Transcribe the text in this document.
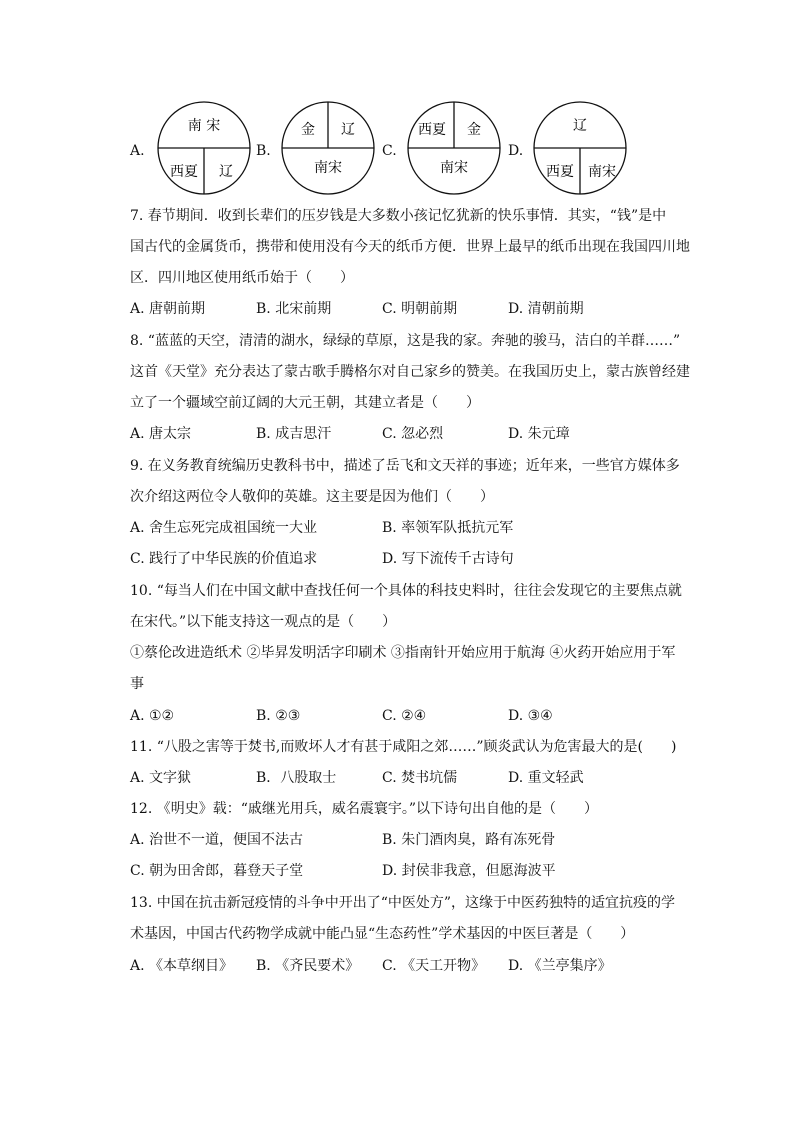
A.
南 宋
西夏 辽
B.
金 辽
南宋
C.
西夏 金
南宋
D.
辽
西夏 南宋
7. 春节期间．收到长辈们的压岁钱是大多数小孩记忆犹新的快乐事情．其实，“钱”是中
国古代的金属货币，携带和使用没有今天的纸币方便．世界上最早的纸币出现在我国四川地
区．四川地区使用纸币始于（　　）
A. 唐朝前期	B. 北宋前期	C. 明朝前期	D. 清朝前期
8. “蓝蓝的天空，清清的湖水，绿绿的草原，这是我的家。奔驰的骏马，洁白的羊群……”
这首《天堂》充分表达了蒙古歌手腾格尔对自己家乡的赞美。在我国历史上，蒙古族曾经建
立了一个疆域空前辽阔的大元王朝，其建立者是（　　）
A. 唐太宗	B. 成吉思汗	C. 忽必烈	D. 朱元璋
9. 在义务教育统编历史教科书中，描述了岳飞和文天祥的事迹；近年来，一些官方媒体多
次介绍这两位令人敬仰的英雄。这主要是因为他们（　　）
A. 舍生忘死完成祖国统一大业	B. 率领军队抵抗元军
C. 践行了中华民族的价值追求	D. 写下流传千古诗句
10. “每当人们在中国文献中查找任何一个具体的科技史料时，往往会发现它的主要焦点就
在宋代。”以下能支持这一观点的是（　　）
①蔡伦改进造纸术 ②毕昇发明活字印刷术 ③指南针开始应用于航海 ④火药开始应用于军
事
A. ①②	B. ②③	C. ②④	D. ③④
11. “八股之害等于焚书,而败坏人才有甚于咸阳之郊……”顾炎武认为危害最大的是(　　)
A. 文字狱	B．八股取士	C. 焚书坑儒	D. 重文轻武
12. 《明史》载：“戚继光用兵，威名震寰宇。”以下诗句出自他的是（　　）
A. 治世不一道，便国不法古	B. 朱门酒肉臭，路有冻死骨
C. 朝为田舍郎，暮登天子堂	D. 封侯非我意，但愿海波平
13. 中国在抗击新冠疫情的斗争中开出了“中医处方”，这缘于中医药独特的适宜抗疫的学
术基因，中国古代药物学成就中能凸显“生态药性”学术基因的中医巨著是（　　）
A. 《本草纲目》 B. 《齐民要术》 C. 《天工开物》 D. 《兰亭集序》
